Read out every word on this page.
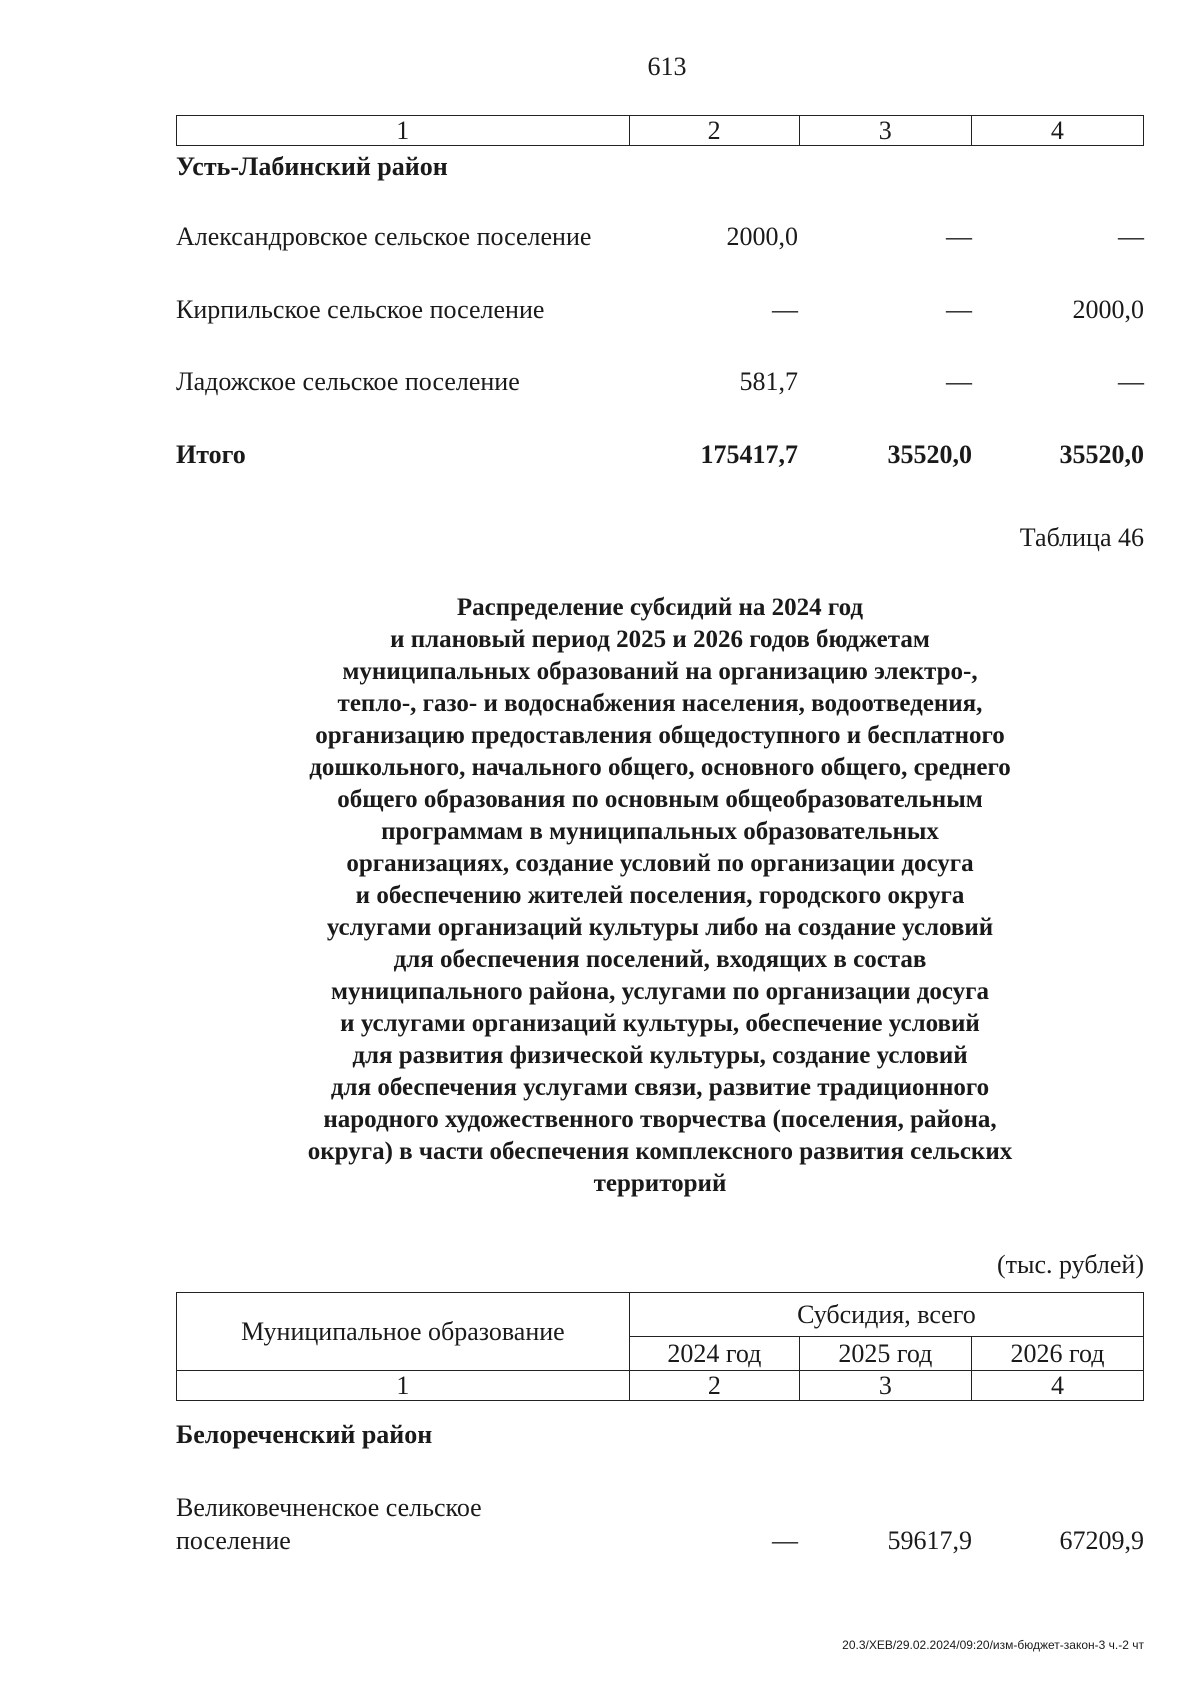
613
1	2	3	4
Усть-Лабинский район
Александровское сельское поселение	2000,0	—	—
Кирпильское сельское поселение	—	—	2000,0
Ладожское сельское поселение	581,7	—	—
Итого	175417,7	35520,0	35520,0
Таблица 46
Распределение субсидий на 2024 год
и плановый период 2025 и 2026 годов бюджетам
муниципальных образований на организацию электро-,
тепло-, газо- и водоснабжения населения, водоотведения,
организацию предоставления общедоступного и бесплатного
дошкольного, начального общего, основного общего, среднего
общего образования по основным общеобразовательным
программам в муниципальных образовательных
организациях, создание условий по организации досуга
и обеспечению жителей поселения, городского округа
услугами организаций культуры либо на создание условий
для обеспечения поселений, входящих в состав
муниципального района, услугами по организации досуга
и услугами организаций культуры, обеспечение условий
для развития физической культуры, создание условий
для обеспечения услугами связи, развитие традиционного
народного художественного творчества (поселения, района,
округа) в части обеспечения комплексного развития сельских
территорий
(тыс. рублей)
Муниципальное образование	Субсидия, всего		
	2024 год	2025 год	2026 год
1	2	3	4
Белореченский район
Великовечненское сельское
поселение	—	59617,9	67209,9
20.3/ХЕВ/29.02.2024/09:20/изм-бюджет-закон-3 ч.-2 чт
